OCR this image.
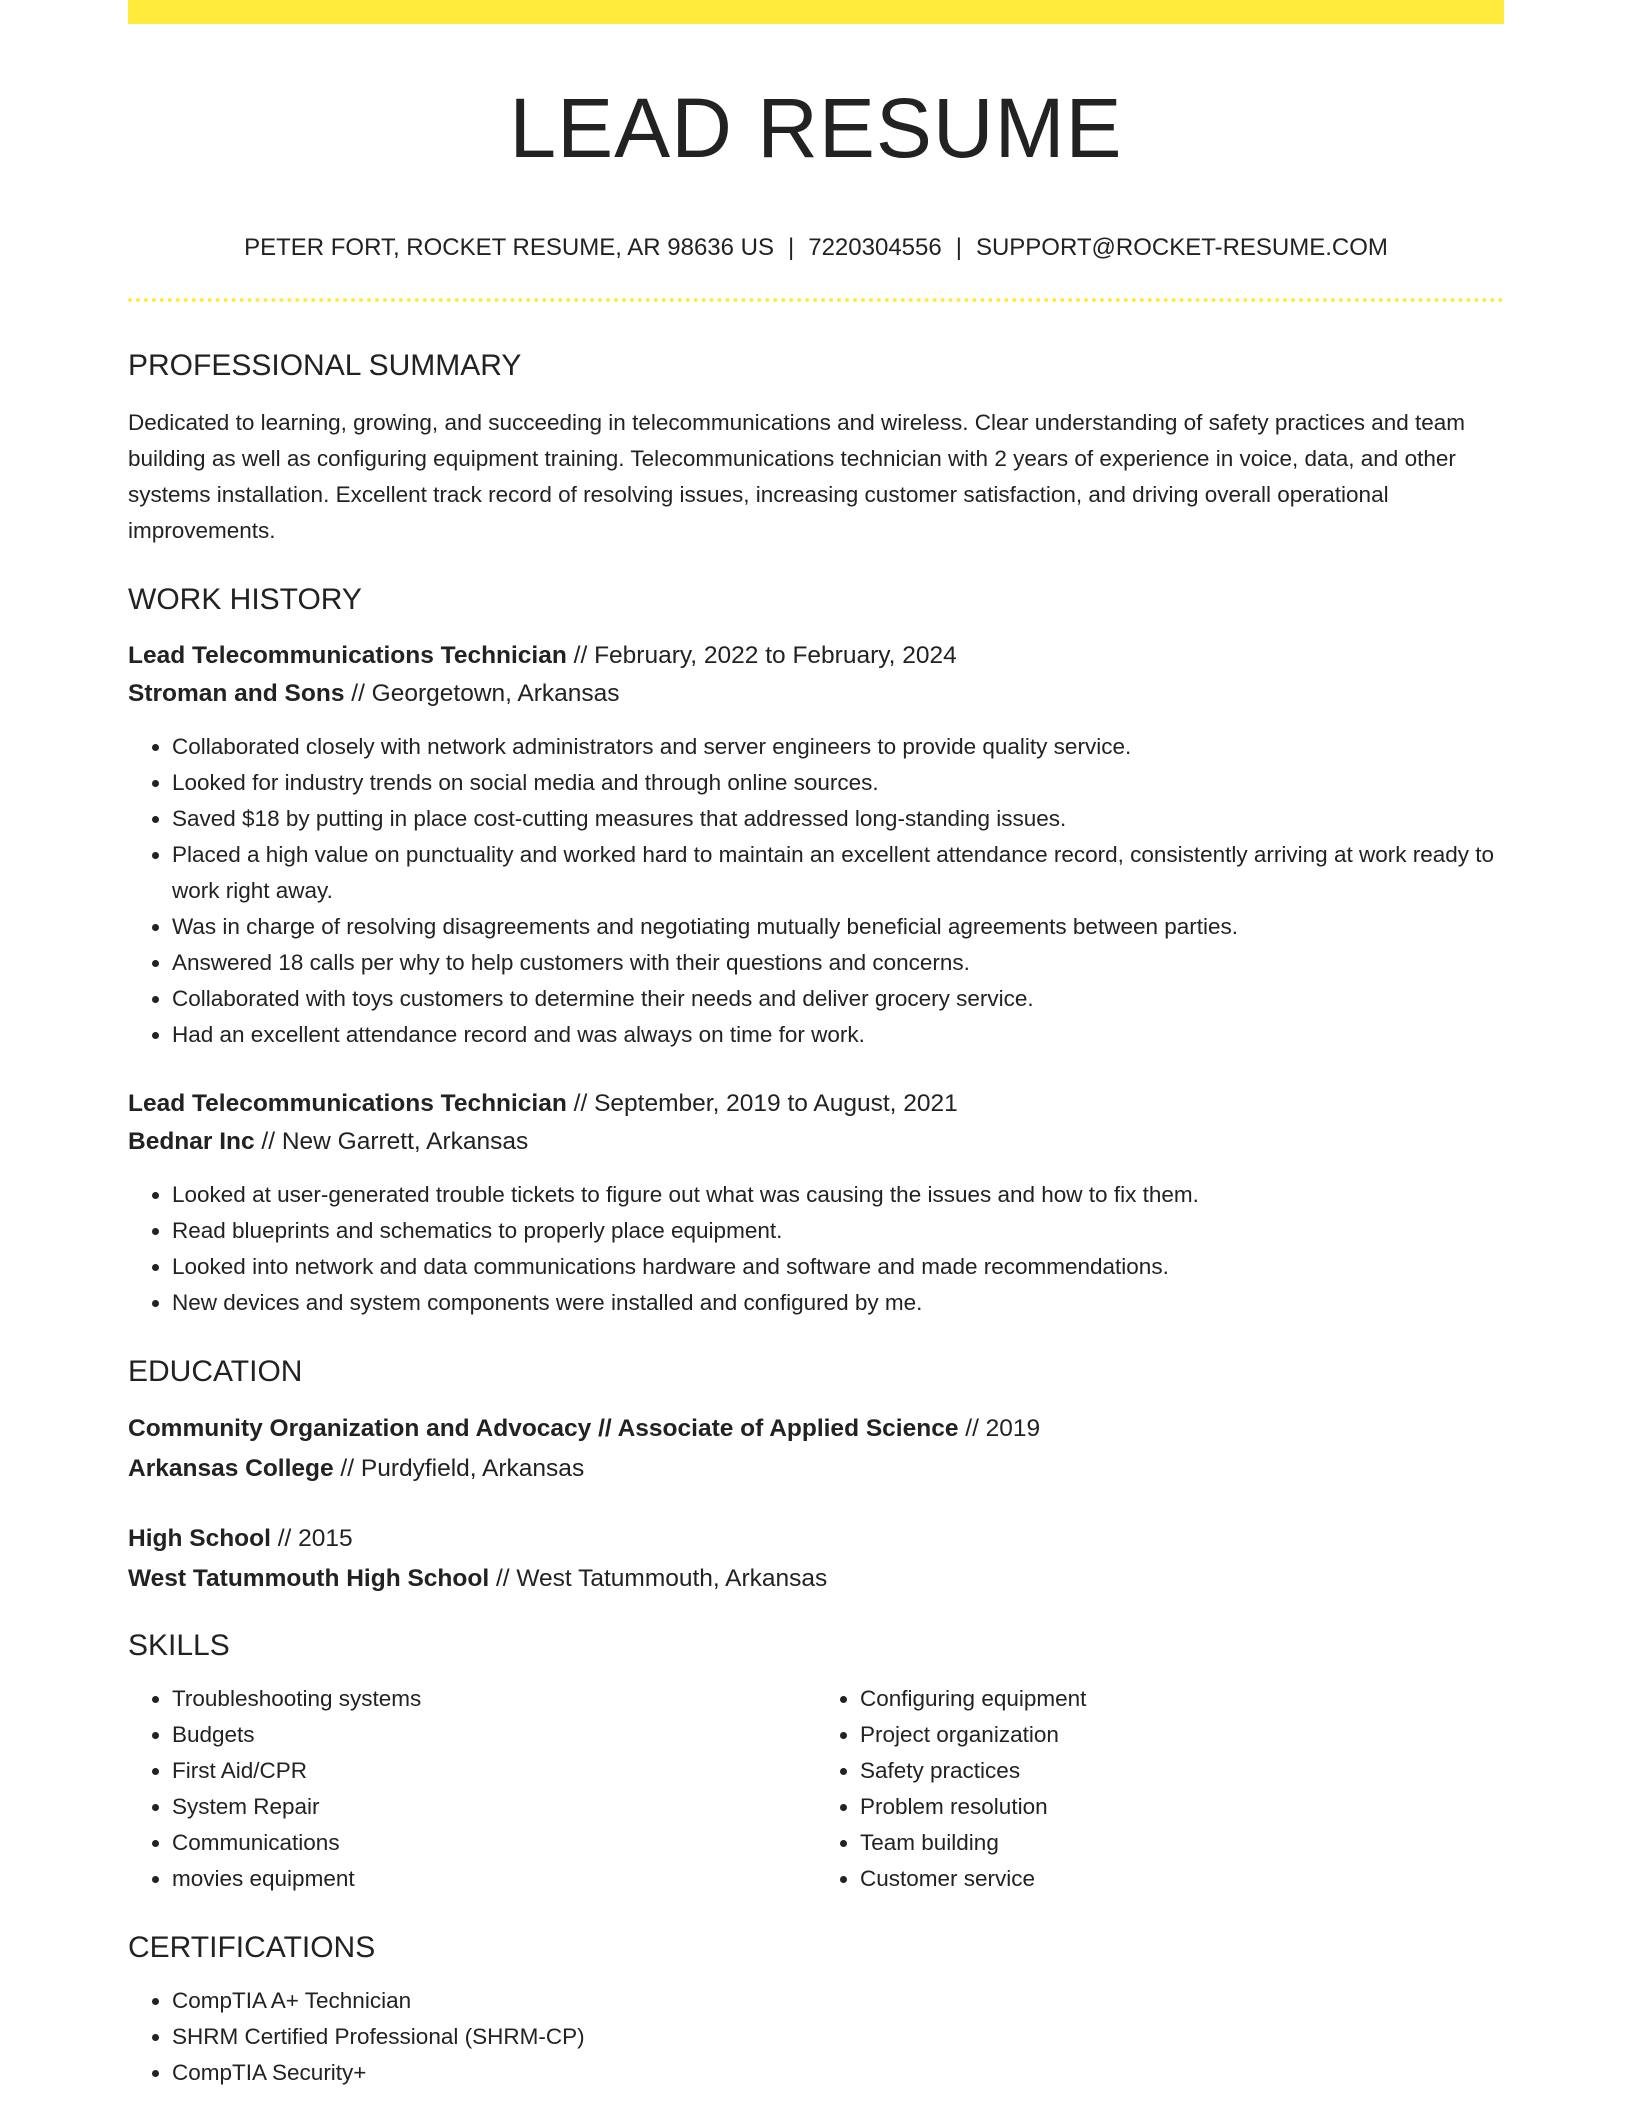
LEAD RESUME
PETER FORT, ROCKET RESUME, AR 98636 US | 7220304556 | SUPPORT@ROCKET-RESUME.COM
PROFESSIONAL SUMMARY

Dedicated to learning, growing, and succeeding in telecommunications and wireless. Clear understanding of safety practices and team building as well as configuring equipment training. Telecommunications technician with 2 years of experience in voice, data, and other systems installation. Excellent track record of resolving issues, increasing customer satisfaction, and driving overall operational improvements.

WORK HISTORY
Lead Telecommunications Technician // February, 2022 to February, 2024
Stroman and Sons // Georgetown, Arkansas
• Collaborated closely with network administrators and server engineers to provide quality service.
• Looked for industry trends on social media and through online sources.
• Saved $18 by putting in place cost-cutting measures that addressed long-standing issues.
• Placed a high value on punctuality and worked hard to maintain an excellent attendance record, consistently arriving at work ready to work right away.
• Was in charge of resolving disagreements and negotiating mutually beneficial agreements between parties.
• Answered 18 calls per why to help customers with their questions and concerns.
• Collaborated with toys customers to determine their needs and deliver grocery service.
• Had an excellent attendance record and was always on time for work.
Lead Telecommunications Technician // September, 2019 to August, 2021
Bednar Inc // New Garrett, Arkansas
• Looked at user-generated trouble tickets to figure out what was causing the issues and how to fix them.
• Read blueprints and schematics to properly place equipment.
• Looked into network and data communications hardware and software and made recommendations.
• New devices and system components were installed and configured by me.
EDUCATION
Community Organization and Advocacy // Associate of Applied Science // 2019
Arkansas College // Purdyfield, Arkansas
High School // 2015
West Tatummouth High School // West Tatummouth, Arkansas
SKILLS
• Troubleshooting systems
• Budgets
• First Aid/CPR
• System Repair
• Communications
• movies equipment
• Configuring equipment
• Project organization
• Safety practices
• Problem resolution
• Team building
• Customer service
CERTIFICATIONS
• CompTIA A+ Technician
• SHRM Certified Professional (SHRM-CP)
• CompTIA Security+
